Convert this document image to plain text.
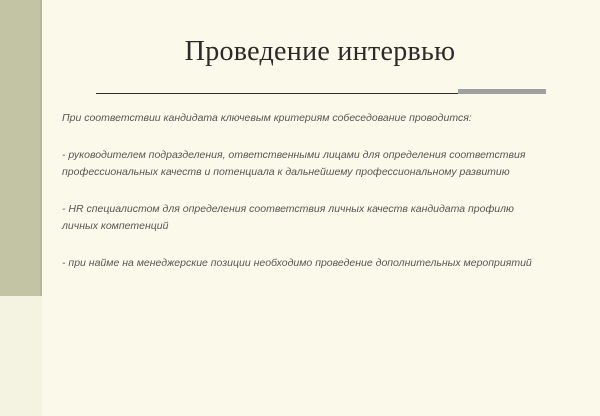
Проведение интервью

При соответствии кандидата ключевым критериям собеседование проводится:

- руководителем подразделения, ответственными лицами для определения соответствия профессиональных качеств и потенциала к дальнейшему профессиональному развитию

- HR специалистом для определения соответствия личных качеств кандидата профилю личных компетенций

- при найме на менеджерские позиции необходимо проведение дополнительных мероприятий
